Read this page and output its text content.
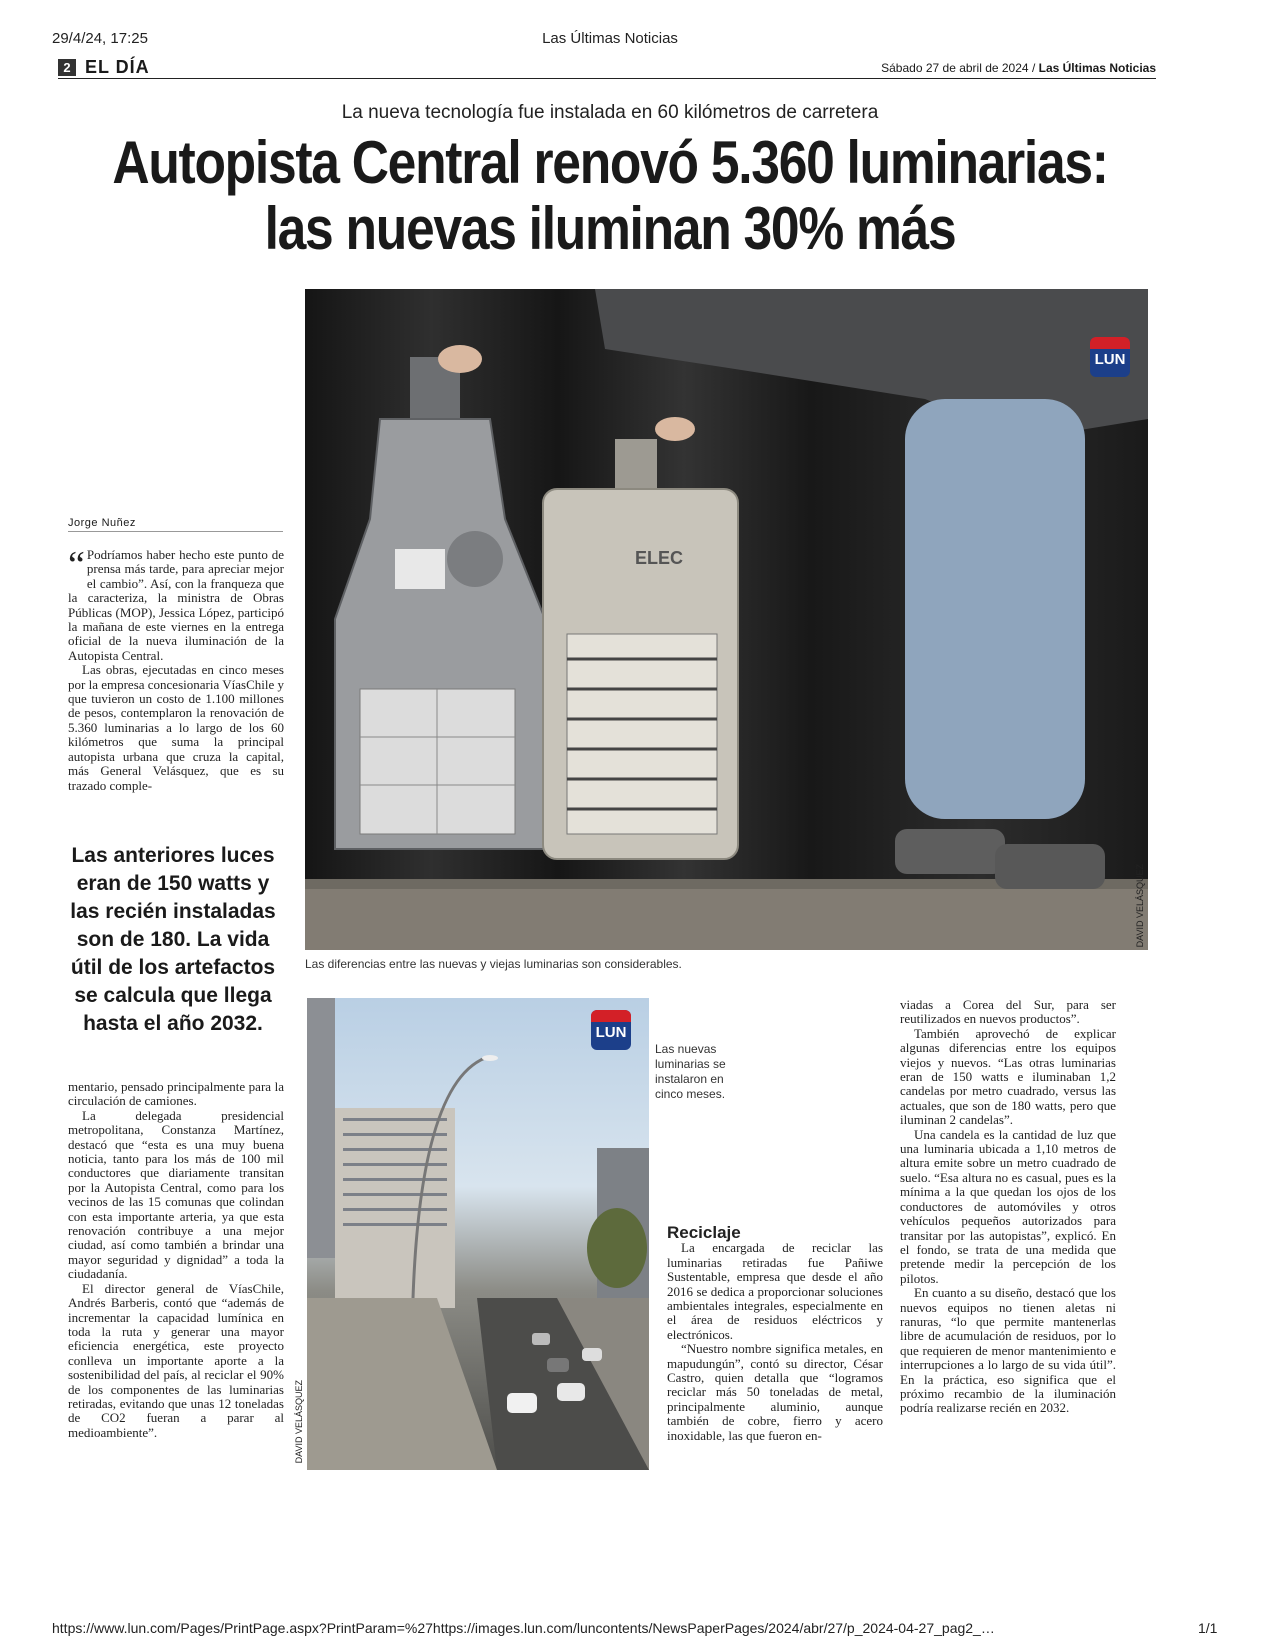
29/4/24, 17:25	Las Últimas Noticias
2 EL DÍA	Sábado 27 de abril de 2024 / Las Últimas Noticias
La nueva tecnología fue instalada en 60 kilómetros de carretera
Autopista Central renovó 5.360 luminarias:
las nuevas iluminan 30% más
ELEC
LUN
DAVID VELÁSQUEZ
Las diferencias entre las nuevas y viejas luminarias son considerables.
Jorge Nuñez

“ Podríamos haber hecho este punto de prensa más tarde, para apreciar mejor el cambio”. Así, con la franqueza que la caracteriza, la ministra de Obras Públicas (MOP), Jessica López, participó la mañana de este viernes en la entrega oficial de la nueva iluminación de la Autopista Central.

Las obras, ejecutadas en cinco meses por la empresa concesionaria VíasChile y que tuvieron un costo de 1.100 millones de pesos, contemplaron la renovación de 5.360 luminarias a lo largo de los 60 kilómetros que suma la principal autopista urbana que cruza la capital, más General Velásquez, que es su trazado comple-

Las anteriores luces eran de 150 watts y las recién instaladas son de 180. La vida útil de los artefactos se calcula que llega hasta el año 2032.

mentario, pensado principalmente para la circulación de camiones.

La delegada presidencial metropolitana, Constanza Martínez, destacó que “esta es una muy buena noticia, tanto para los más de 100 mil conductores que diariamente transitan por la Autopista Central, como para los vecinos de las 15 comunas que colindan con esta importante arteria, ya que esta renovación contribuye a una mejor ciudad, así como también a brindar una mayor seguridad y dignidad” a toda la ciudadanía.

El director general de VíasChile, Andrés Barberis, contó que “además de incrementar la capacidad lumínica en toda la ruta y generar una mayor eficiencia energética, este proyecto conlleva un importante aporte a la sostenibilidad del país, al reciclar el 90% de los componentes de las luminarias retiradas, evitando que unas 12 toneladas de CO2 fueran a parar al medioambiente”.

LUN
DAVID VELÁSQUEZ
Las nuevas luminarias se instalaron en cinco meses.
Reciclaje

La encargada de reciclar las luminarias retiradas fue Pañiwe Sustentable, empresa que desde el año 2016 se dedica a proporcionar soluciones ambientales integrales, especialmente en el área de residuos eléctricos y electrónicos.

“Nuestro nombre significa metales, en mapudungún”, contó su director, César Castro, quien detalla que “logramos reciclar más 50 toneladas de metal, principalmente aluminio, aunque también de cobre, fierro y acero inoxidable, las que fueron en-

viadas a Corea del Sur, para ser reutilizados en nuevos productos”.

También aprovechó de explicar algunas diferencias entre los equipos viejos y nuevos. “Las otras luminarias eran de 150 watts e iluminaban 1,2 candelas por metro cuadrado, versus las actuales, que son de 180 watts, pero que iluminan 2 candelas”.

Una candela es la cantidad de luz que una luminaria ubicada a 1,10 metros de altura emite sobre un metro cuadrado de suelo. “Esa altura no es casual, pues es la mínima a la que quedan los ojos de los conductores de automóviles y otros vehículos pequeños autorizados para transitar por las autopistas”, explicó. En el fondo, se trata de una medida que pretende medir la percepción de los pilotos.

En cuanto a su diseño, destacó que los nuevos equipos no tienen aletas ni ranuras, “lo que permite mantenerlas libre de acumulación de residuos, por lo que requieren de menor mantenimiento e interrupciones a lo largo de su vida útil”. En la práctica, eso significa que el próximo recambio de la iluminación podría realizarse recién en 2032.

https://www.lun.com/Pages/PrintPage.aspx?PrintParam=%27https://images.lun.com/luncontents/NewsPaperPages/2024/abr/27/p_2024-04-27_pag2_…	1/1
